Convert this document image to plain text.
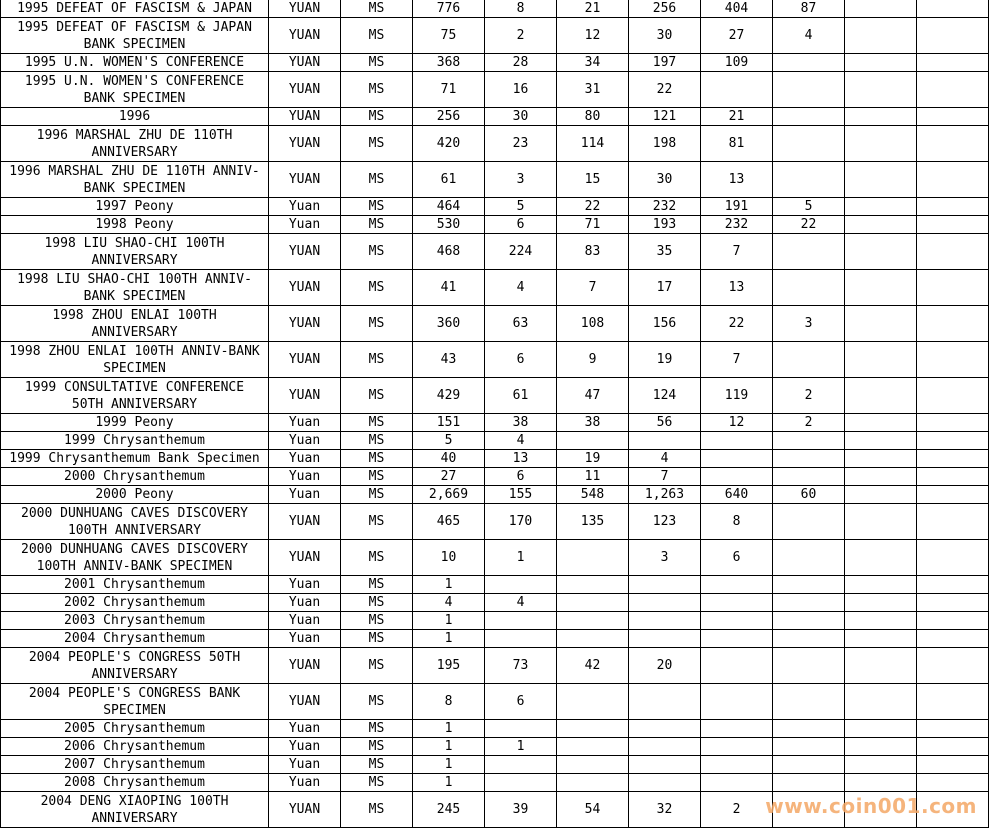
1995 DEFEAT OF FASCISM & JAPAN	YUAN	MS	776	8	21	256	404	87		
1995 DEFEAT OF FASCISM & JAPAN
BANK SPECIMEN	YUAN	MS	75	2	12	30	27	4		
1995 U.N. WOMEN'S CONFERENCE	YUAN	MS	368	28	34	197	109			
1995 U.N. WOMEN'S CONFERENCE
BANK SPECIMEN	YUAN	MS	71	16	31	22				
1996	YUAN	MS	256	30	80	121	21			
1996 MARSHAL ZHU DE 110TH
ANNIVERSARY	YUAN	MS	420	23	114	198	81			
1996 MARSHAL ZHU DE 110TH ANNIV-
BANK SPECIMEN	YUAN	MS	61	3	15	30	13			
1997 Peony	Yuan	MS	464	5	22	232	191	5		
1998 Peony	Yuan	MS	530	6	71	193	232	22		
1998 LIU SHAO-CHI 100TH
ANNIVERSARY	YUAN	MS	468	224	83	35	7			
1998 LIU SHAO-CHI 100TH ANNIV-
BANK SPECIMEN	YUAN	MS	41	4	7	17	13			
1998 ZHOU ENLAI 100TH
ANNIVERSARY	YUAN	MS	360	63	108	156	22	3		
1998 ZHOU ENLAI 100TH ANNIV-BANK
SPECIMEN	YUAN	MS	43	6	9	19	7			
1999 CONSULTATIVE CONFERENCE
50TH ANNIVERSARY	YUAN	MS	429	61	47	124	119	2		
1999 Peony	Yuan	MS	151	38	38	56	12	2		
1999 Chrysanthemum	Yuan	MS	5	4						
1999 Chrysanthemum Bank Specimen	Yuan	MS	40	13	19	4				
2000 Chrysanthemum	Yuan	MS	27	6	11	7				
2000 Peony	Yuan	MS	2,669	155	548	1,263	640	60		
2000 DUNHUANG CAVES DISCOVERY
100TH ANNIVERSARY	YUAN	MS	465	170	135	123	8			
2000 DUNHUANG CAVES DISCOVERY
100TH ANNIV-BANK SPECIMEN	YUAN	MS	10	1		3	6			
2001 Chrysanthemum	Yuan	MS	1							
2002 Chrysanthemum	Yuan	MS	4	4						
2003 Chrysanthemum	Yuan	MS	1							
2004 Chrysanthemum	Yuan	MS	1							
2004 PEOPLE'S CONGRESS 50TH
ANNIVERSARY	YUAN	MS	195	73	42	20				
2004 PEOPLE'S CONGRESS BANK
SPECIMEN	YUAN	MS	8	6						
2005 Chrysanthemum	Yuan	MS	1							
2006 Chrysanthemum	Yuan	MS	1	1						
2007 Chrysanthemum	Yuan	MS	1							
2008 Chrysanthemum	Yuan	MS	1							
2004 DENG XIAOPING 100TH
ANNIVERSARY	YUAN	MS	245	39	54	32	2			www.coin001.com
